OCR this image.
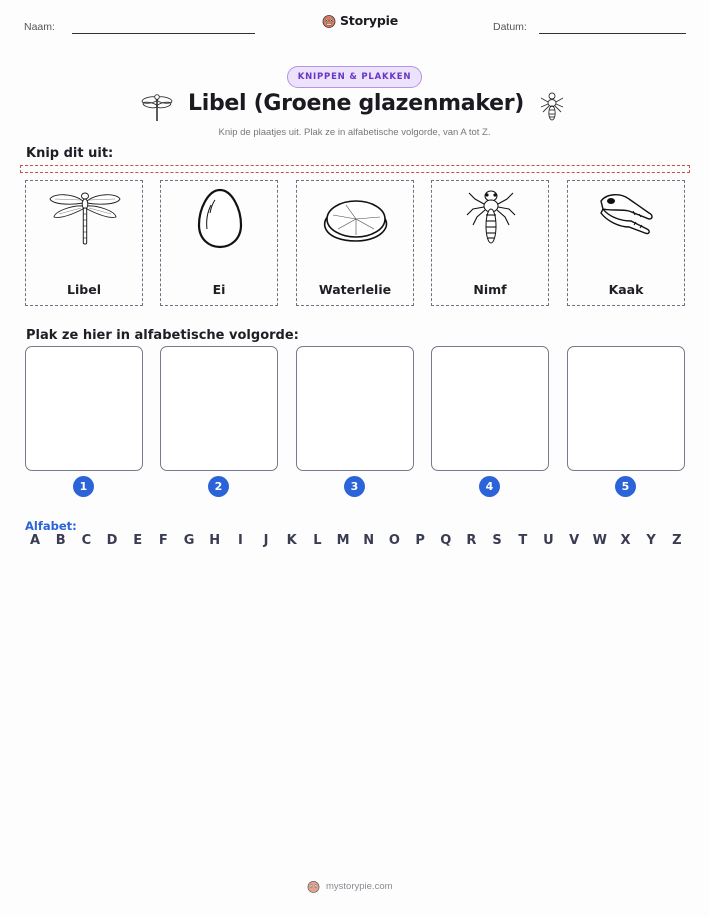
Naam:	Storypie	Datum:
KNIPPEN & PLAKKEN
Libel (Groene glazenmaker)
Knip de plaatjes uit. Plak ze in alfabetische volgorde, van A tot Z.
Knip dit uit:
Libel	Ei	Waterlelie	Nimf	Kaak
Plak ze hier in alfabetische volgorde:
1	2	3	4	5
Alfabet:
A	B	C	D	E	F	G H	I	J	K	L	M N O	P	Q	R	S	T	U	V	W	X	Y	Z
mystorypie.com
